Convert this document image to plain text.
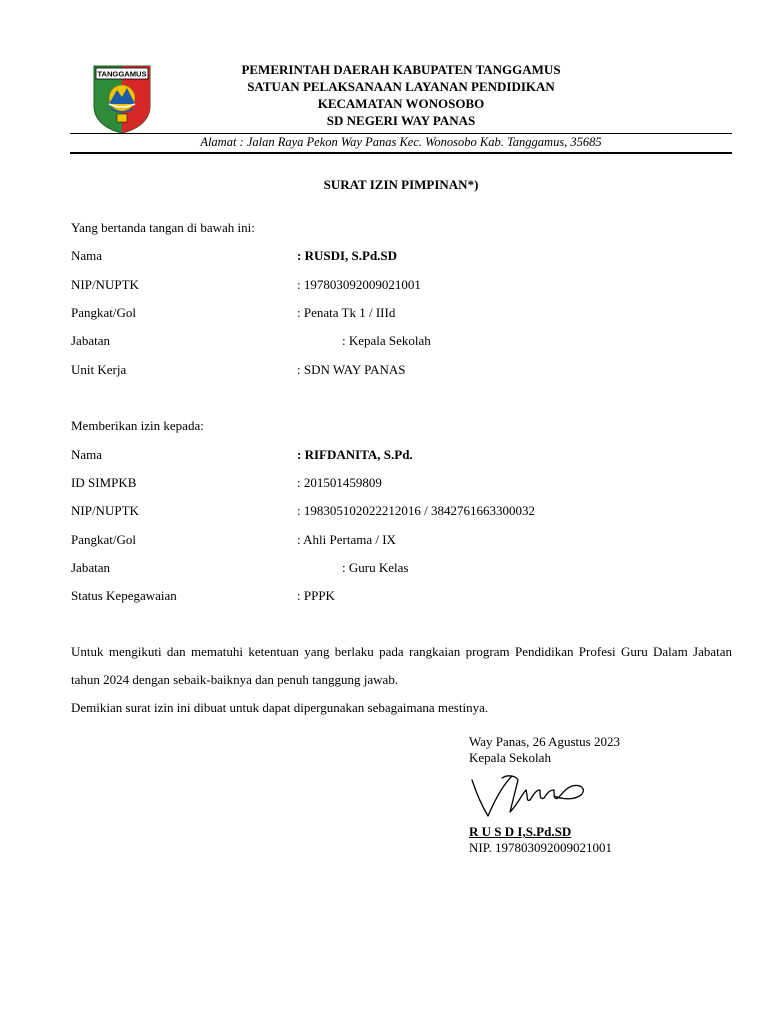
TANGGAMUS	PEMERINTAH DAERAH KABUPATEN TANGGAMUS
SATUAN PELAKSANAAN LAYANAN PENDIDIKAN
KECAMATAN WONOSOBO
SD NEGERI WAY PANAS
Alamat : Jalan Raya Pekon Way Panas Kec. Wonosobo Kab. Tanggamus, 35685
SURAT IZIN PIMPINAN*)
Yang bertanda tangan di bawah ini:
Nama	: RUSDI, S.Pd.SD
NIP/NUPTK	: 197803092009021001
Pangkat/Gol	: Penata Tk 1 / IIId
Jabatan	: Kepala Sekolah
Unit Kerja	: SDN WAY PANAS
Memberikan izin kepada:
Nama	: RIFDANITA, S.Pd.
ID SIMPKB	: 201501459809
NIP/NUPTK	: 198305102022212016 / 3842761663300032
Pangkat/Gol	: Ahli Pertama / IX
Jabatan	: Guru Kelas
Status Kepegawaian	: PPPK
Untuk mengikuti dan mematuhi ketentuan yang berlaku pada rangkaian program Pendidikan Profesi Guru Dalam Jabatan tahun 2024 dengan sebaik-baiknya dan penuh tanggung jawab.
Demikian surat izin ini dibuat untuk dapat dipergunakan sebagaimana mestinya.
Way Panas, 26 Agustus 2023
Kepala Sekolah
R U S D I,S.Pd.SD
NIP. 197803092009021001
